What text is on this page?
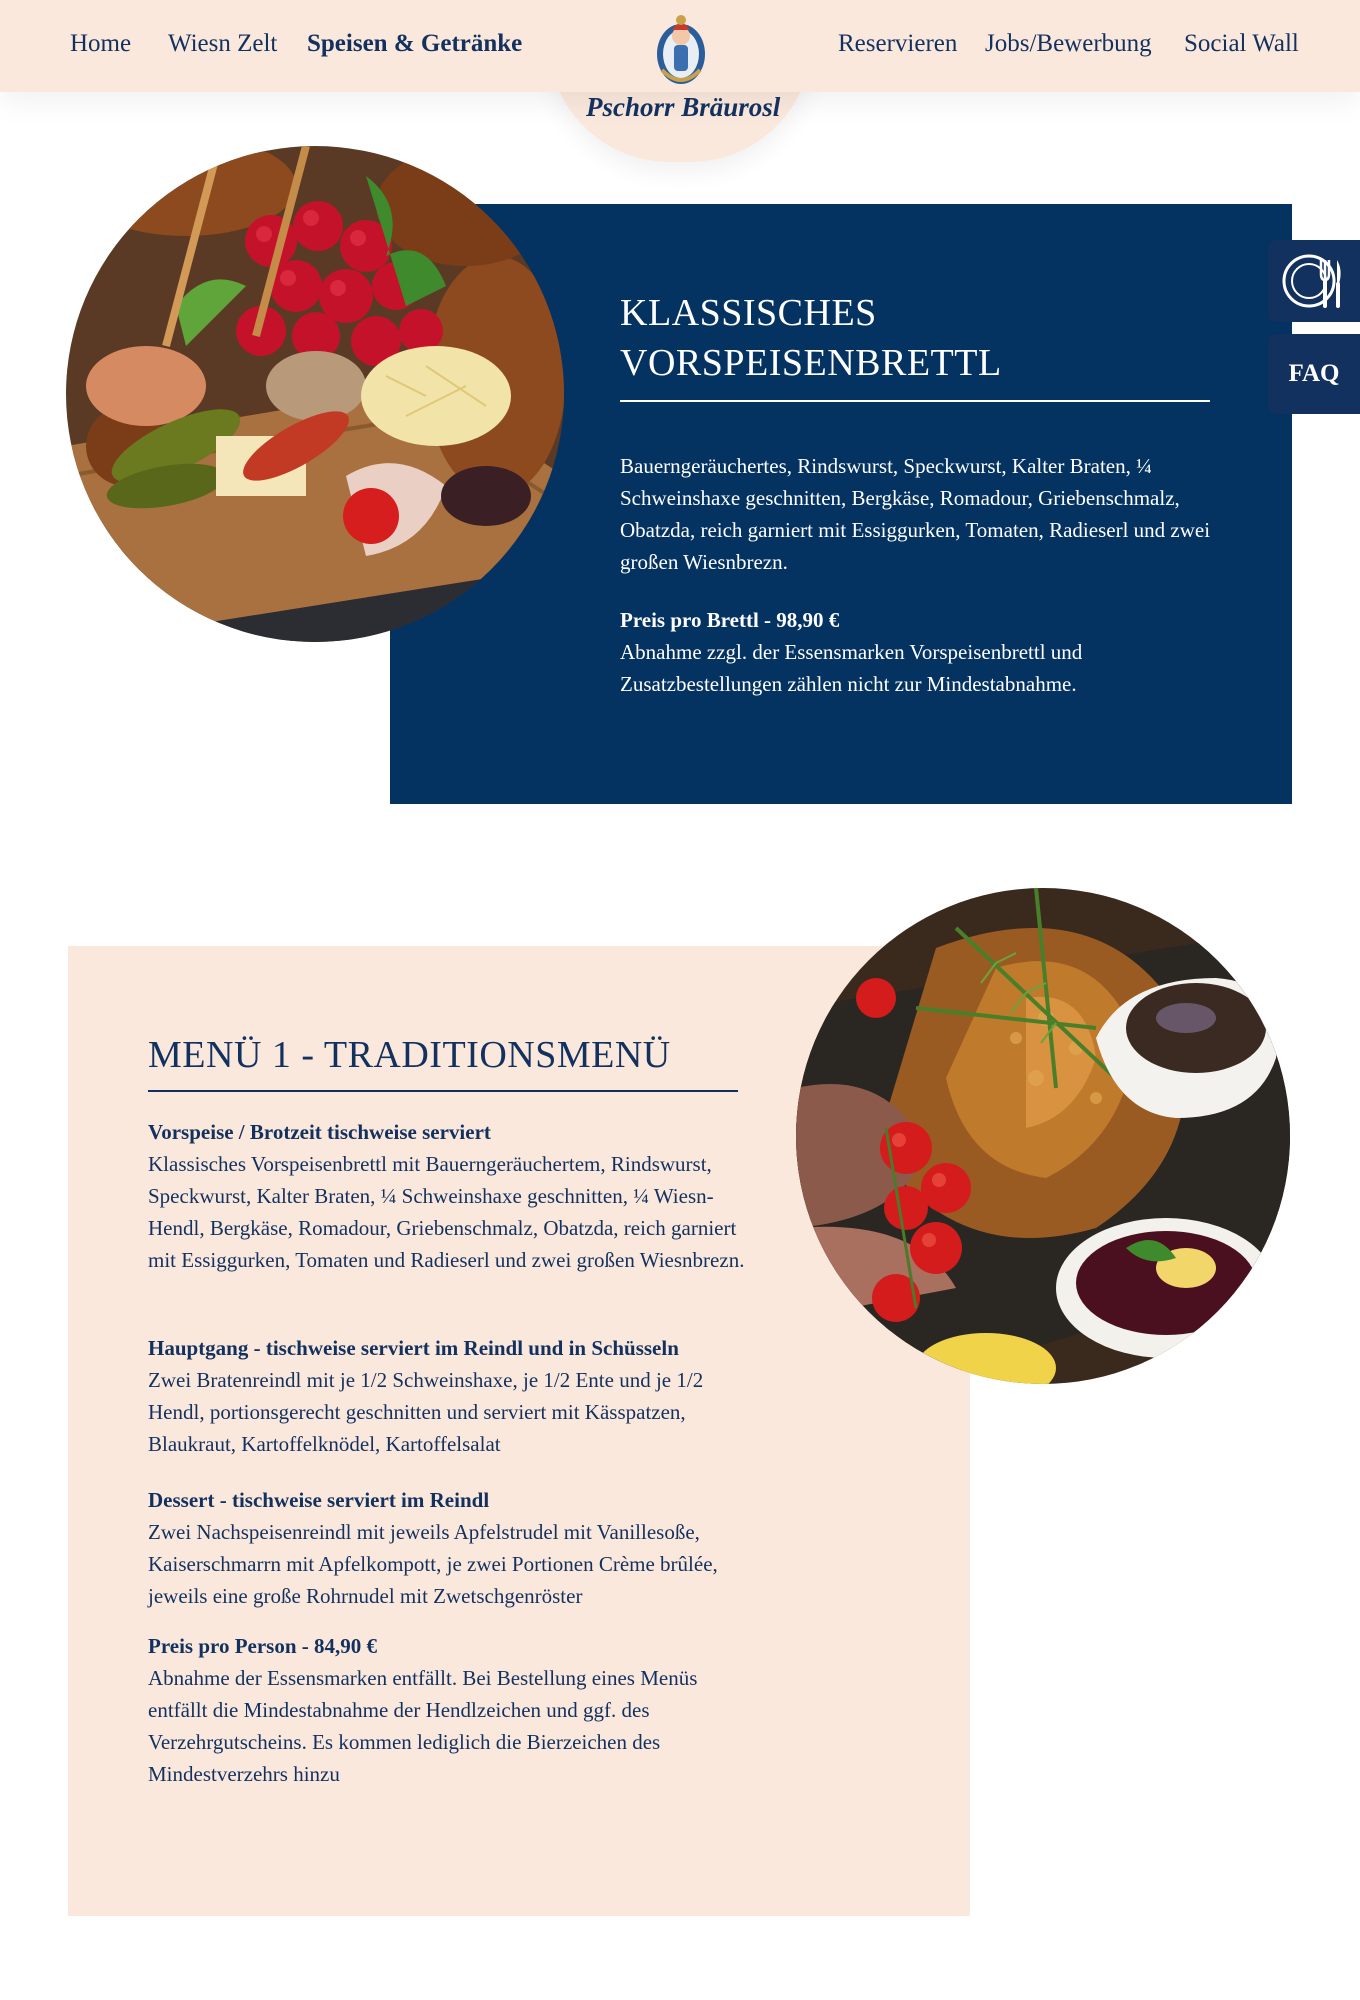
Home Wiesn Zelt Speisen & Getränke	Reservieren Jobs/Bewerbung Social Wall
Pschorr Bräurosl
FAQ
KLASSISCHES
VORSPEISENBRETTL

Bauerngeräuchertes, Rindswurst, Speckwurst, Kalter Braten, ¼ Schweinshaxe geschnitten, Bergkäse, Romadour, Griebenschmalz, Obatzda, reich garniert mit Essiggurken, Tomaten, Radieserl und zwei großen Wiesnbrezn.

Preis pro Brettl - 98,90 €

Abnahme zzgl. der Essensmarken Vorspeisenbrettl und Zusatzbestellungen zählen nicht zur Mindestabnahme.

MENÜ 1 - TRADITIONSMENÜ

Vorspeise / Brotzeit tischweise serviert

Klassisches Vorspeisenbrettl mit Bauerngeräuchertem, Rindswurst, Speckwurst, Kalter Braten, ¼ Schweinshaxe geschnitten, ¼ Wiesn-Hendl, Bergkäse, Romadour, Griebenschmalz, Obatzda, reich garniert mit Essiggurken, Tomaten und Radieserl und zwei großen Wiesnbrezn.

Hauptgang - tischweise serviert im Reindl und in Schüsseln

Zwei Bratenreindl mit je 1/2 Schweinshaxe, je 1/2 Ente und je 1/2 Hendl, portionsgerecht geschnitten und serviert mit Kässpatzen, Blaukraut, Kartoffelknödel, Kartoffelsalat

Dessert - tischweise serviert im Reindl

Zwei Nachspeisenreindl mit jeweils Apfelstrudel mit Vanillesoße, Kaiserschmarrn mit Apfelkompott, je zwei Portionen Crème brûlée, jeweils eine große Rohrnudel mit Zwetschgenröster

Preis pro Person - 84,90 €

Abnahme der Essensmarken entfällt. Bei Bestellung eines Menüs entfällt die Mindestabnahme der Hendlzeichen und ggf. des Verzehrgutscheins. Es kommen lediglich die Bierzeichen des Mindestverzehrs hinzu
